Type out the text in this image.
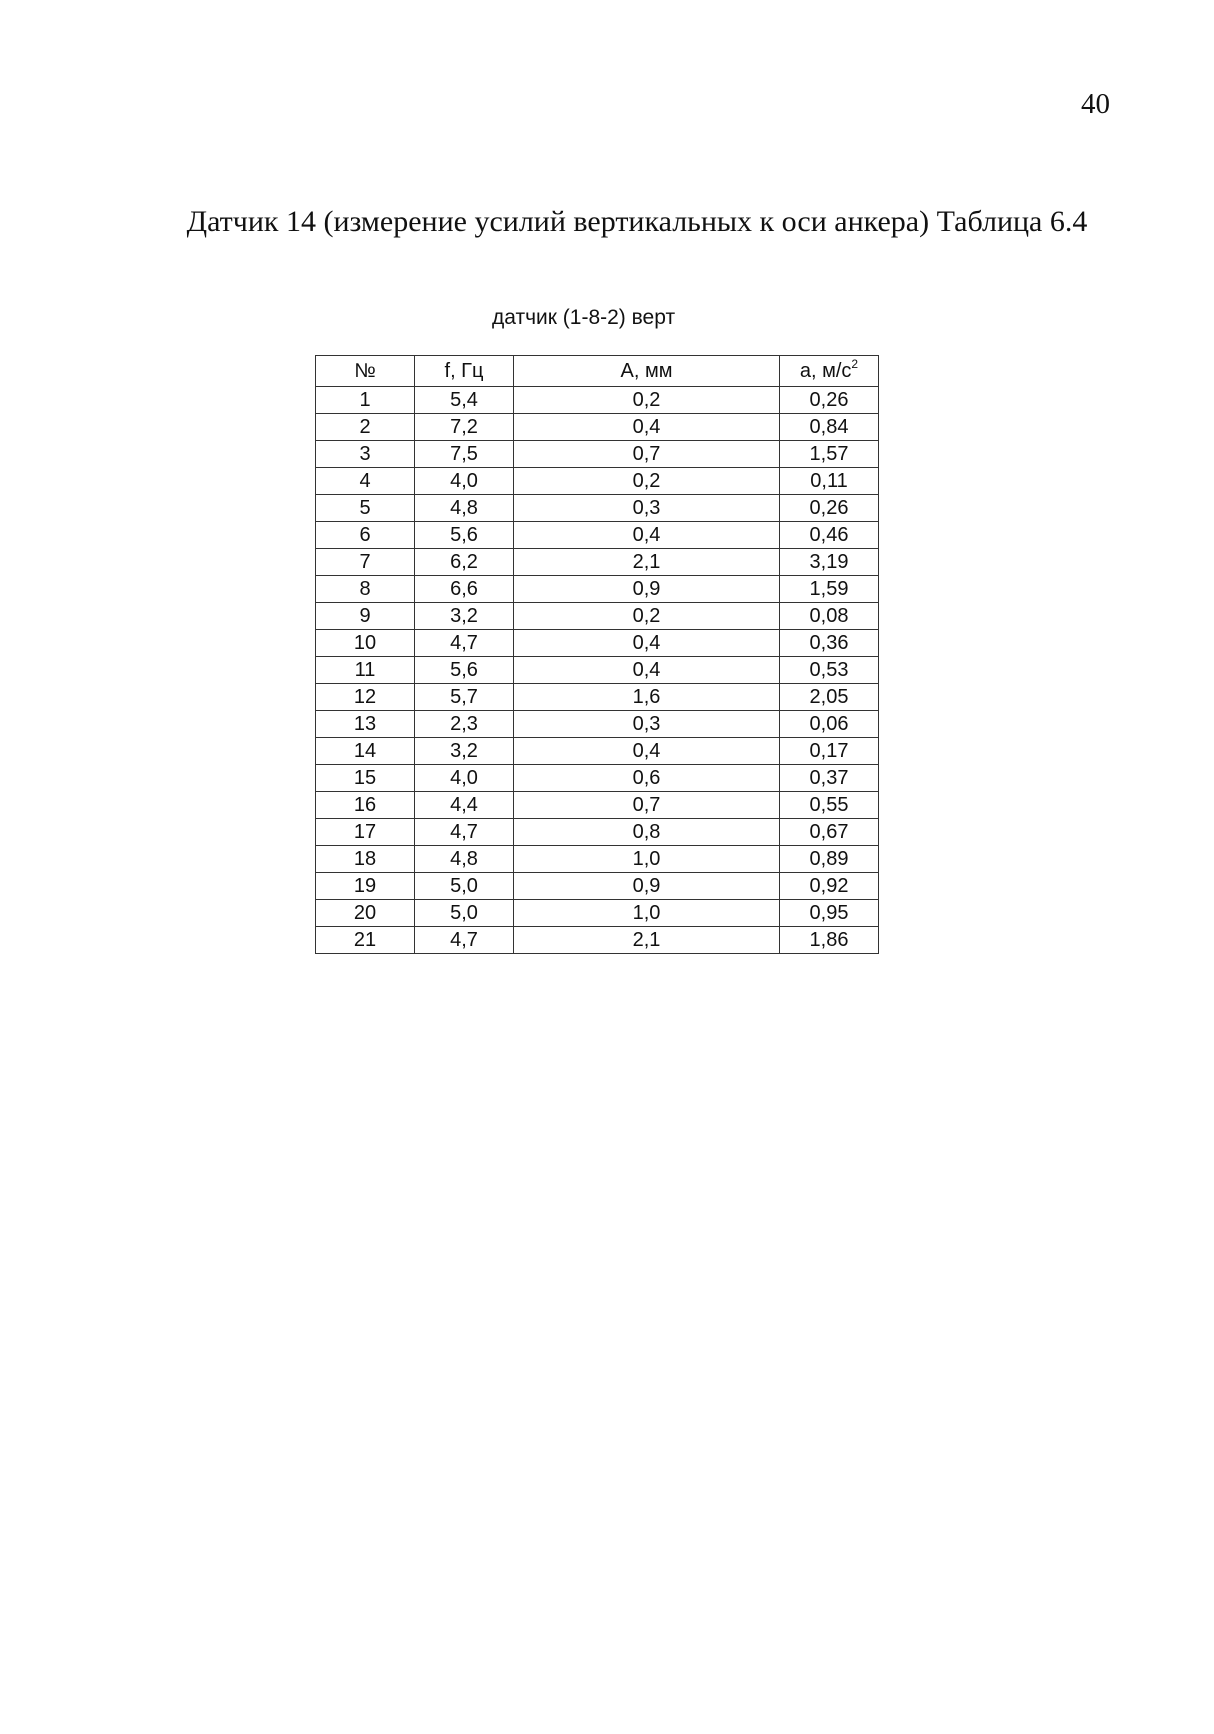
40

Датчик 14 (измерение усилий вертикальных к оси анкера) Таблица 6.4

датчик (1-8-2) верт

№	f, Гц	A, мм	a, $м/с^2$
1	5,4	0,2	0,26
2	7,2	0,4	0,84
3	7,5	0,7	1,57
4	4,0	0,2	0,11
5	4,8	0,3	0,26
6	5,6	0,4	0,46
7	6,2	2,1	3,19
8	6,6	0,9	1,59
9	3,2	0,2	0,08
10	4,7	0,4	0,36
11	5,6	0,4	0,53
12	5,7	1,6	2,05
13	2,3	0,3	0,06
14	3,2	0,4	0,17
15	4,0	0,6	0,37
16	4,4	0,7	0,55
17	4,7	0,8	0,67
18	4,8	1,0	0,89
19	5,0	0,9	0,92
20	5,0	1,0	0,95
21	4,7	2,1	1,86
